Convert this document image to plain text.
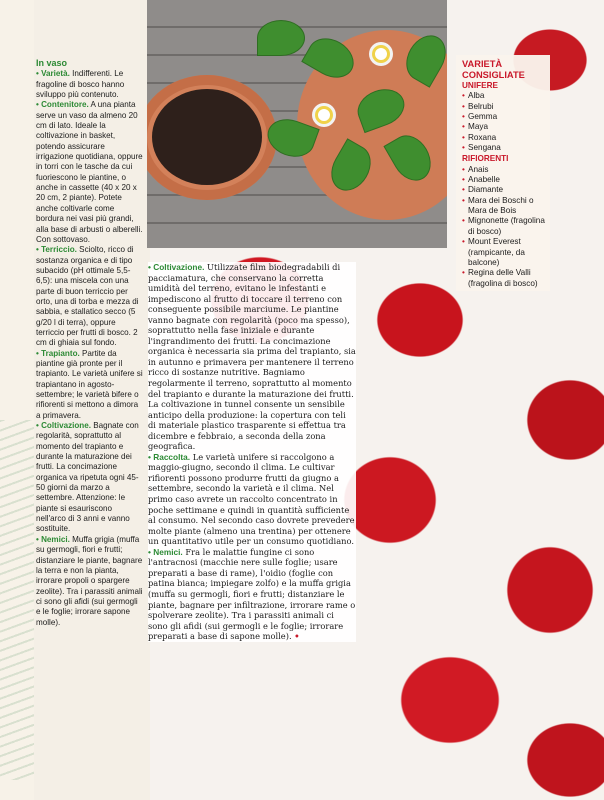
In vaso

• Varietà. Indifferenti. Le fragoline di bosco hanno sviluppo più contenuto.

• Contenitore. A una pianta serve un vaso da almeno 20 cm di lato. Ideale la coltivazione in basket, potendo assicurare irrigazione quotidiana, oppure in torri con le tasche da cui fuoriescono le piantine, o anche in cassette (40 x 20 x 20 cm, 2 piante). Potete anche coltivarle come bordura nei vasi più grandi, alla base di arbusti o alberelli. Con sottovaso.

• Terriccio. Sciolto, ricco di sostanza organica e di tipo subacido (pH ottimale 5,5-6,5): una miscela con una parte di buon terriccio per orto, una di torba e mezza di sabbia, e stallatico secco (5 g/20 l di terra), oppure terriccio per frutti di bosco. 2 cm di ghiaia sul fondo.

• Trapianto. Partite da piantine già pronte per il trapianto. Le varietà unifere si trapiantano in agosto-settembre; le varietà bifere o rifiorenti si mettono a dimora a primavera.

• Coltivazione. Bagnate con regolarità, soprattutto al momento del trapianto e durante la maturazione dei frutti. La concimazione organica va ripetuta ogni 45-50 giorni da marzo a settembre. Attenzione: le piante si esauriscono nell'arco di 3 anni e vanno sostituite.

• Nemici. Muffa grigia (muffa su germogli, fiori e frutti; distanziare le piante, bagnare la terra e non la pianta, irrorare propoli o spargere zeolite). Tra i parassiti animali ci sono gli afidi (sui germogli e le foglie; irrorare sapone molle).

• Coltivazione. Utilizzate film biodegradabili di pacciamatura, che conservano la corretta umidità del terreno, evitano le infestanti e impediscono al frutto di toccare il terreno con conseguente possibile marciume. Le piantine vanno bagnate con regolarità (poco ma spesso), soprattutto nella fase iniziale e durante l'ingrandimento dei frutti. La concimazione organica è necessaria sia prima del trapianto, sia in autunno e primavera per mantenere il terreno ricco di sostanze nutritive. Bagniamo regolarmente il terreno, soprattutto al momento del trapianto e durante la maturazione dei frutti. La coltivazione in tunnel consente un sensibile anticipo della produzione: la copertura con teli di materiale plastico trasparente si effettua tra dicembre e febbraio, a seconda della zona geografica.

• Raccolta. Le varietà unifere si raccolgono a maggio-giugno, secondo il clima. Le cultivar rifiorenti possono produrre frutti da giugno a settembre, secondo la varietà e il clima. Nel primo caso avrete un raccolto concentrato in poche settimane e quindi in quantità sufficiente al consumo. Nel secondo caso dovrete prevedere molte piante (almeno una trentina) per ottenere un quantitativo utile per un consumo quotidiano.

• Nemici. Fra le malattie fungine ci sono l'antracnosi (macchie nere sulle foglie; usare preparati a base di rame), l'oidio (foglie con patina bianca; impiegare zolfo) e la muffa grigia (muffa su germogli, fiori e frutti; distanziare le piante, bagnare per infiltrazione, irrorare rame o spolverare zeolite). Tra i parassiti animali ci sono gli afidi (sui germogli e le foglie; irrorare preparati a base di sapone molle). •

VARIETÀ
CONSIGLIATE
UNIFERE
• Alba
• Belrubi
• Gemma
• Maya
• Roxana
• Sengana
RIFIORENTI
• Anais
• Anabelle
• Diamante
• Mara dei Boschi o Mara de Bois
• Mignonette (fragolina di bosco)
• Mount Everest (rampicante, da balcone)
• Regina delle Valli (fragolina di bosco)
